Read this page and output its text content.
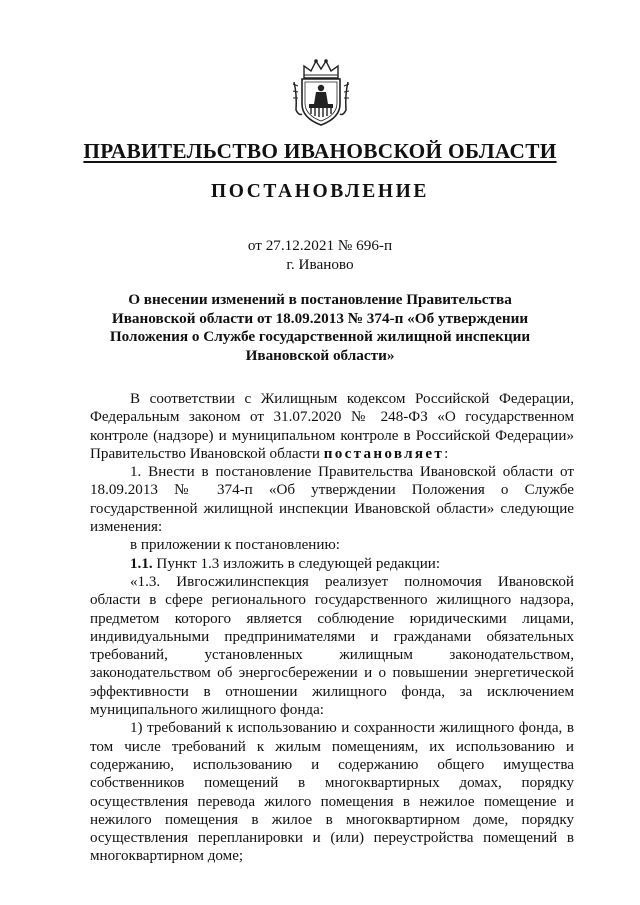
ПРАВИТЕЛЬСТВО ИВАНОВСКОЙ ОБЛАСТИ
ПОСТАНОВЛЕНИЕ
от 27.12.2021 № 696-п
г. Иваново
О внесении изменений в постановление Правительства Ивановской области от 18.09.2013 № 374-п «Об утверждении Положения о Службе государственной жилищной инспекции Ивановской области»

В соответствии с Жилищным кодексом Российской Федерации, Федеральным законом от 31.07.2020 № 248-ФЗ «О государственном контроле (надзоре) и муниципальном контроле в Российской Федерации» Правительство Ивановской области постановляет:

1. Внести в постановление Правительства Ивановской области от 18.09.2013 № 374-п «Об утверждении Положения о Службе государственной жилищной инспекции Ивановской области» следующие изменения:

в приложении к постановлению:

1.1. Пункт 1.3 изложить в следующей редакции:

«1.3. Ивгосжилинспекция реализует полномочия Ивановской области в сфере регионального государственного жилищного надзора, предметом которого является соблюдение юридическими лицами, индивидуальными предпринимателями и гражданами обязательных требований, установленных жилищным законодательством, законодательством об энергосбережении и о повышении энергетической эффективности в отношении жилищного фонда, за исключением муниципального жилищного фонда:

1) требований к использованию и сохранности жилищного фонда, в том числе требований к жилым помещениям, их использованию и содержанию, использованию и содержанию общего имущества собственников помещений в многоквартирных домах, порядку осуществления перевода жилого помещения в нежилое помещение и нежилого помещения в жилое в многоквартирном доме, порядку осуществления перепланировки и (или) переустройства помещений в многоквартирном доме;
